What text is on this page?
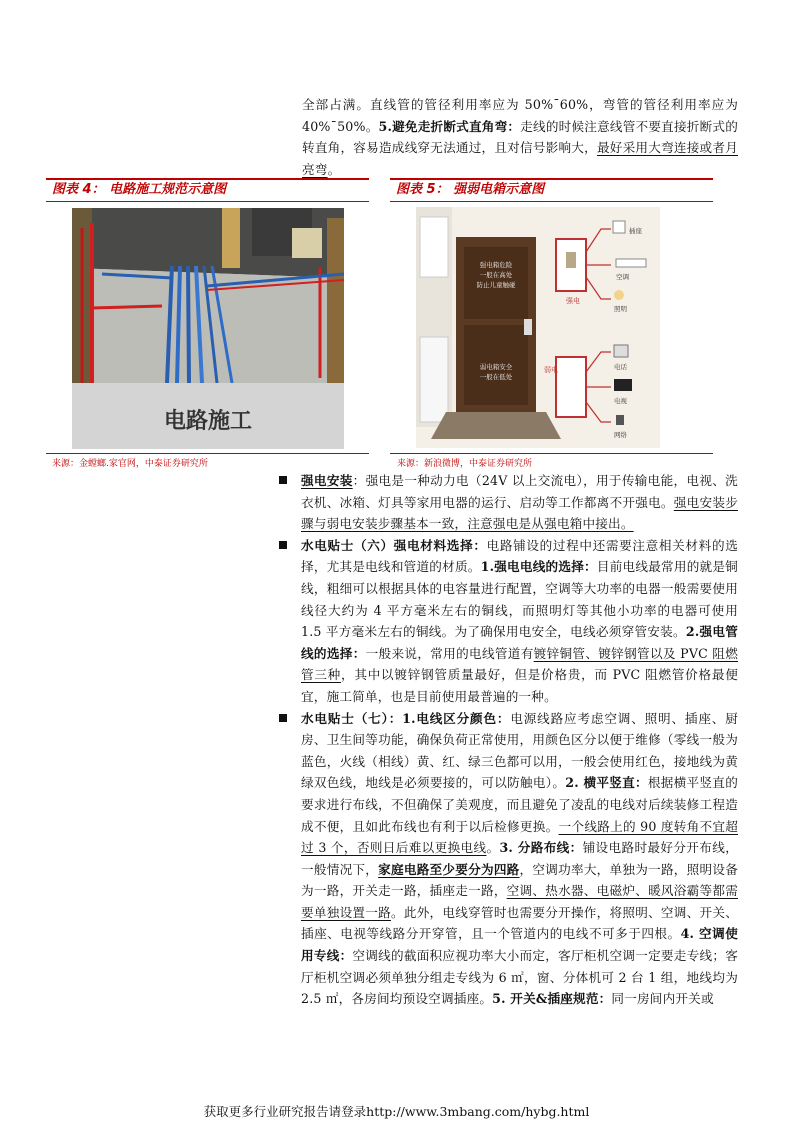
全部占满。直线管的管径利用率应为 50%¯60%，弯管的管径利用率应为 40%¯50%。5.避免走折断式直角弯：走线的时候注意线管不要直接折断式的转直角，容易造成线穿无法通过，且对信号影响大，最好采用大弯连接或者月亮弯。
图表 4： 电路施工规范示意图	图表 5： 强弱电箱示意图
电路施工
强电箱危险
一般在高处
防止儿童触碰
弱电箱安全
一般在低处
强电
弱电
插座
空调
照明
电话
电视
网络
来源：金螳螂.家官网，中泰证券研究所	来源：新浪微博，中泰证券研究所
强电安装：强电是一种动力电（24V 以上交流电），用于传输电能，电视、洗衣机、冰箱、灯具等家用电器的运行、启动等工作都离不开强电。强电安装步骤与弱电安装步骤基本一致，注意强电是从强电箱中接出。
水电贴士（六）强电材料选择：电路铺设的过程中还需要注意相关材料的选择，尤其是电线和管道的材质。1.强电电线的选择：目前电线最常用的就是铜线，粗细可以根据具体的电容量进行配置，空调等大功率的电器一般需要使用线径大约为 4 平方毫米左右的铜线，而照明灯等其他小功率的电器可使用 1.5 平方毫米左右的铜线。为了确保用电安全，电线必须穿管安装。2.强电管线的选择：一般来说，常用的电线管道有镀锌铜管、镀锌钢管以及 PVC 阻燃管三种，其中以镀锌钢管质量最好，但是价格贵，而 PVC 阻燃管价格最便宜，施工简单，也是目前使用最普遍的一种。
水电贴士（七）：1.电线区分颜色：电源线路应考虑空调、照明、插座、厨房、卫生间等功能，确保负荷正常使用，用颜色区分以便于维修（零线一般为蓝色，火线（相线）黄、红、绿三色都可以用，一般会使用红色，接地线为黄绿双色线，地线是必须要接的，可以防触电）。2. 横平竖直：根据横平竖直的要求进行布线，不但确保了美观度，而且避免了凌乱的电线对后续装修工程造成不便，且如此布线也有利于以后检修更换。一个线路上的 90 度转角不宜超过 3 个，否则日后难以更换电线。3. 分路布线：铺设电路时最好分开布线，一般情况下，家庭电路至少要分为四路，空调功率大，单独为一路，照明设备为一路，开关走一路，插座走一路，空调、热水器、电磁炉、暖风浴霸等都需要单独设置一路。此外，电线穿管时也需要分开操作，将照明、空调、开关、插座、电视等线路分开穿管，且一个管道内的电线不可多于四根。4. 空调使用专线：空调线的截面积应视功率大小而定，客厅柜机空调一定要走专线；客厅柜机空调必须单独分组走专线为 6 ㎡，窗、分体机可 2 台 1 组，地线均为 2.5 ㎡，各房间均预设空调插座。5. 开关&插座规范：同一房间内开关或
获取更多行业研究报告请登录http://www.3mbang.com/hybg.html
